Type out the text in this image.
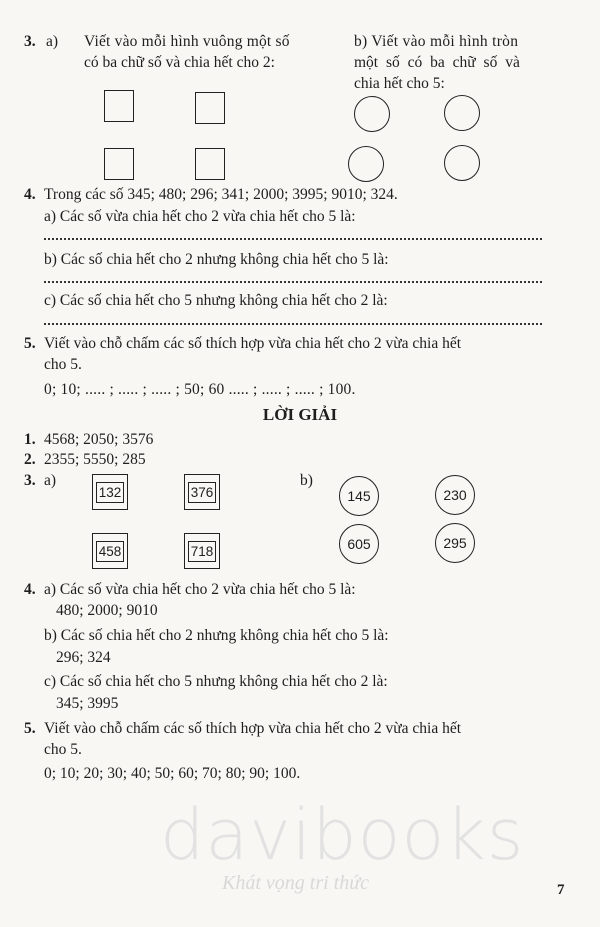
3. a) Viết vào mỗi hình vuông một số
có ba chữ số và chia hết cho 2:
b) Viết vào mỗi hình tròn
một số có ba chữ số và
chia hết cho 5:
4. Trong các số 345; 480; 296; 341; 2000; 3995; 9010; 324.
a) Các số vừa chia hết cho 2 vừa chia hết cho 5 là:
b) Các số chia hết cho 2 nhưng không chia hết cho 5 là:
c) Các số chia hết cho 5 nhưng không chia hết cho 2 là:
5. Viết vào chỗ chấm các số thích hợp vừa chia hết cho 2 vừa chia hết
cho 5.
0; 10; ..... ; ..... ; ..... ; 50; 60 ..... ; ..... ; ..... ; 100.
LỜI GIẢI
1. 4568; 2050; 3576
2. 2355; 5550; 285
3. a)	b)
132	376
458	718
145	230
605	295
4. a) Các số vừa chia hết cho 2 vừa chia hết cho 5 là:
480; 2000; 9010
b) Các số chia hết cho 2 nhưng không chia hết cho 5 là:
296; 324
c) Các số chia hết cho 5 nhưng không chia hết cho 2 là:
345; 3995
5. Viết vào chỗ chấm các số thích hợp vừa chia hết cho 2 vừa chia hết
cho 5.
0; 10; 20; 30; 40; 50; 60; 70; 80; 90; 100.
davibooks
Khát vọng tri thức	7
